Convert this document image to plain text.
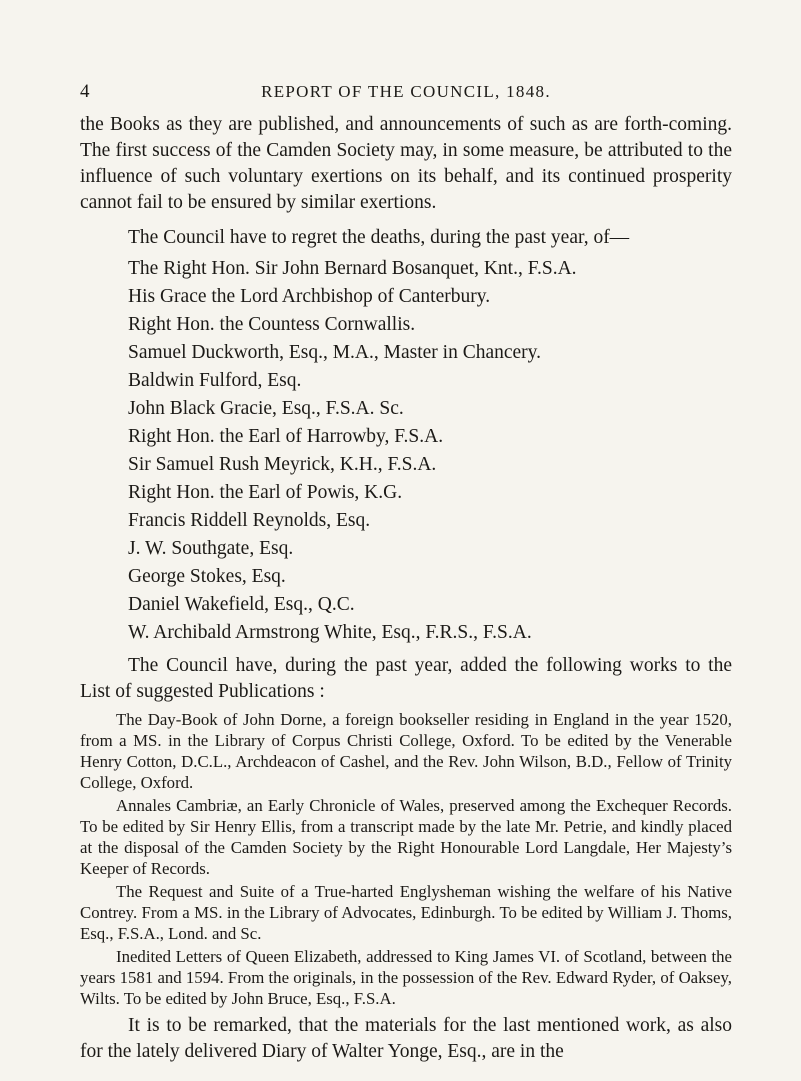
4	REPORT OF THE COUNCIL, 1848.

the Books as they are published, and announcements of such as are forth-coming. The first success of the Camden Society may, in some measure, be attributed to the influence of such voluntary exertions on its behalf, and its continued prosperity cannot fail to be ensured by similar exertions.

The Council have to regret the deaths, during the past year, of—

The Right Hon. Sir John Bernard Bosanquet, Knt., F.S.A.
His Grace the Lord Archbishop of Canterbury.
Right Hon. the Countess Cornwallis.
Samuel Duckworth, Esq., M.A., Master in Chancery.
Baldwin Fulford, Esq.
John Black Gracie, Esq., F.S.A. Sc.
Right Hon. the Earl of Harrowby, F.S.A.
Sir Samuel Rush Meyrick, K.H., F.S.A.
Right Hon. the Earl of Powis, K.G.
Francis Riddell Reynolds, Esq.
J. W. Southgate, Esq.
George Stokes, Esq.
Daniel Wakefield, Esq., Q.C.
W. Archibald Armstrong White, Esq., F.R.S., F.S.A.

The Council have, during the past year, added the following works to the List of suggested Publications :

The Day-Book of John Dorne, a foreign bookseller residing in England in the year 1520, from a MS. in the Library of Corpus Christi College, Oxford. To be edited by the Venerable Henry Cotton, D.C.L., Archdeacon of Cashel, and the Rev. John Wilson, B.D., Fellow of Trinity College, Oxford.

Annales Cambriæ, an Early Chronicle of Wales, preserved among the Exchequer Records. To be edited by Sir Henry Ellis, from a transcript made by the late Mr. Petrie, and kindly placed at the disposal of the Camden Society by the Right Honourable Lord Langdale, Her Majesty’s Keeper of Records.

The Request and Suite of a True-harted Englysheman wishing the welfare of his Native Contrey. From a MS. in the Library of Advocates, Edinburgh. To be edited by William J. Thoms, Esq., F.S.A., Lond. and Sc.

Inedited Letters of Queen Elizabeth, addressed to King James VI. of Scotland, between the years 1581 and 1594. From the originals, in the possession of the Rev. Edward Ryder, of Oaksey, Wilts. To be edited by John Bruce, Esq., F.S.A.

It is to be remarked, that the materials for the last mentioned work, as also for the lately delivered Diary of Walter Yonge, Esq., are in the
